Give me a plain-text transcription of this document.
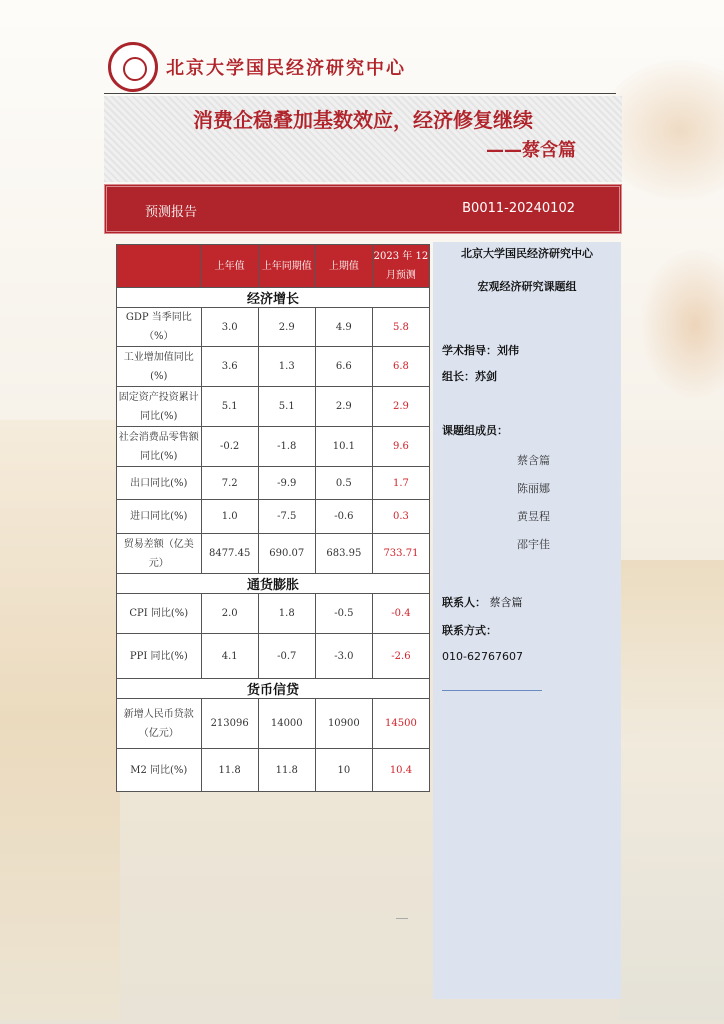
北京大学国民经济研究中心
消费企稳叠加基数效应，经济修复继续
——蔡含篇
预测报告	B0011-20240102
	上年值	上年同期值	上期值	2023 年 12 月预测
经济增长				
GDP 当季同比（%）	3.0	2.9	4.9	5.8
工业增加值同比(%)	3.6	1.3	6.6	6.8
固定资产投资累计同比(%)	5.1	5.1	2.9	2.9
社会消费品零售额同比(%)	-0.2	-1.8	10.1	9.6
出口同比(%)	7.2	-9.9	0.5	1.7
进口同比(%)	1.0	-7.5	-0.6	0.3
贸易差额（亿美元）	8477.45	690.07	683.95	733.71
通货膨胀				
CPI 同比(%)	2.0	1.8	-0.5	-0.4
PPI 同比(%)	4.1	-0.7	-3.0	-2.6
货币信贷				
新增人民币贷款（亿元）	213096	14000	10900	14500
M2 同比(%)	11.8	11.8	10	10.4
北京大学国民经济研究中心
宏观经济研究课题组
学术指导：刘伟
组长：苏剑
课题组成员：
蔡含篇
陈丽娜
黄昱程
邵宇佳
联系人： 蔡含篇
联系方式：
010-62767607
